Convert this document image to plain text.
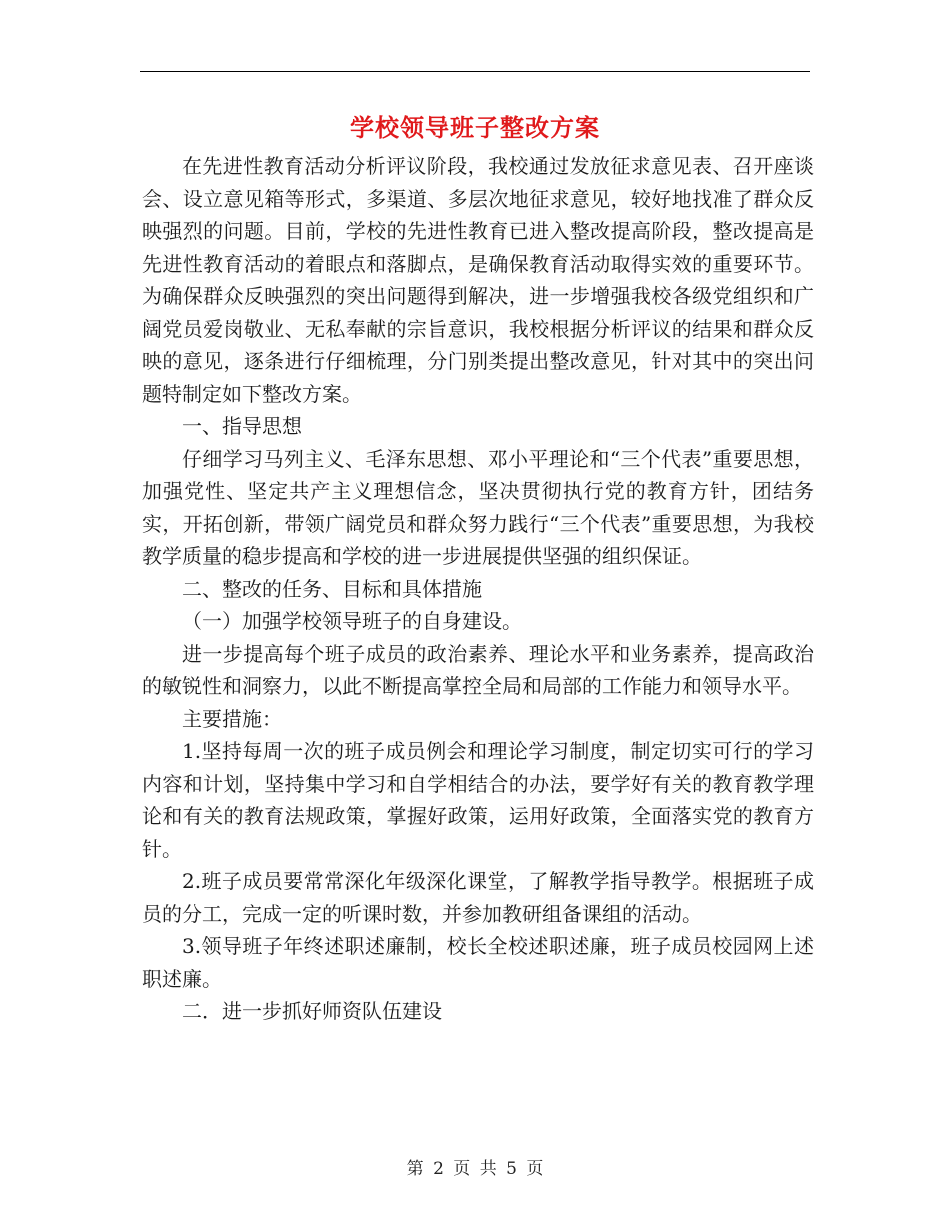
学校领导班子整改方案

在先进性教育活动分析评议阶段，我校通过发放征求意见表、召开座谈会、设立意见箱等形式，多渠道、多层次地征求意见，较好地找准了群众反映强烈的问题。目前，学校的先进性教育已进入整改提高阶段，整改提高是先进性教育活动的着眼点和落脚点，是确保教育活动取得实效的重要环节。为确保群众反映强烈的突出问题得到解决，进一步增强我校各级党组织和广阔党员爱岗敬业、无私奉献的宗旨意识，我校根据分析评议的结果和群众反映的意见，逐条进行仔细梳理，分门别类提出整改意见，针对其中的突出问题特制定如下整改方案。

一、指导思想

仔细学习马列主义、毛泽东思想、邓小平理论和“三个代表”重要思想，加强党性、坚定共产主义理想信念，坚决贯彻执行党的教育方针，团结务实，开拓创新，带领广阔党员和群众努力践行“三个代表”重要思想，为我校教学质量的稳步提高和学校的进一步进展提供坚强的组织保证。

二、整改的任务、目标和具体措施

（一）加强学校领导班子的自身建设。

进一步提高每个班子成员的政治素养、理论水平和业务素养，提高政治的敏锐性和洞察力，以此不断提高掌控全局和局部的工作能力和领导水平。

主要措施：

1.坚持每周一次的班子成员例会和理论学习制度，制定切实可行的学习内容和计划，坚持集中学习和自学相结合的办法，要学好有关的教育教学理论和有关的教育法规政策，掌握好政策，运用好政策，全面落实党的教育方针。

2.班子成员要常常深化年级深化课堂，了解教学指导教学。根据班子成员的分工，完成一定的听课时数，并参加教研组备课组的活动。

3.领导班子年终述职述廉制，校长全校述职述廉，班子成员校园网上述职述廉。

二．进一步抓好师资队伍建设

第 2 页 共 5 页
